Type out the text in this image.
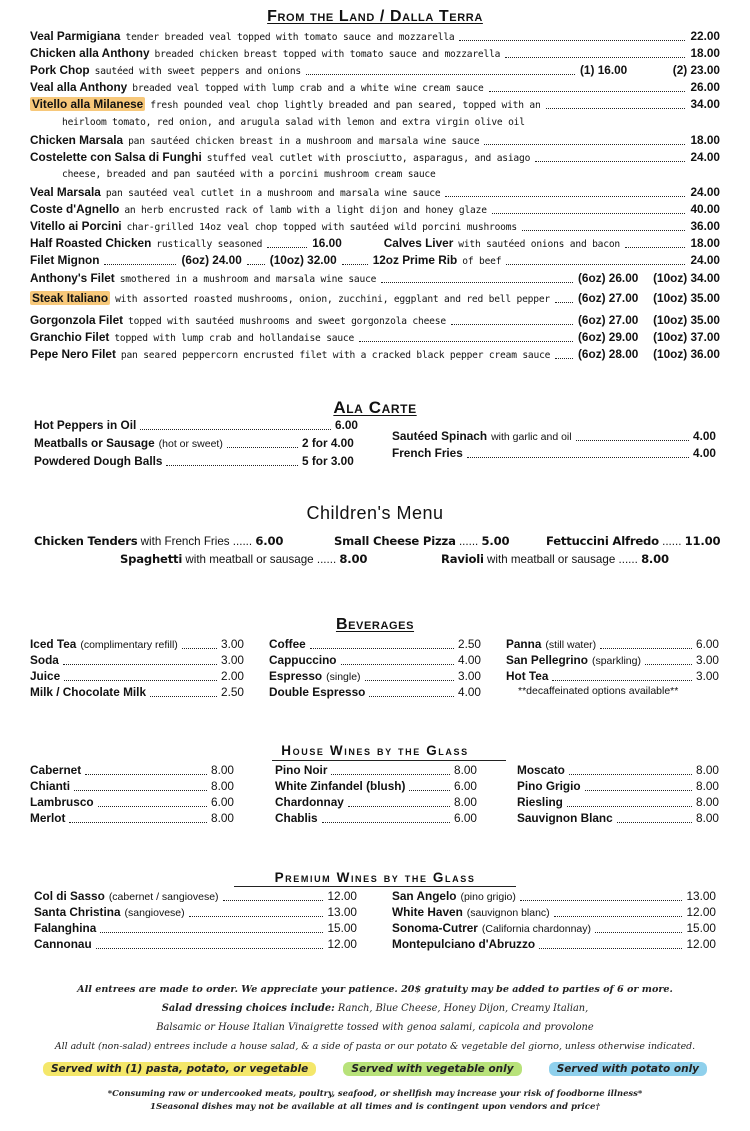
From the Land / Dalla Terra
Veal Parmigiana tender breaded veal topped with tomato sauce and mozzarella	22.00
Chicken alla Anthony breaded chicken breast topped with tomato sauce and mozzarella	18.00
Pork Chop sautéed with sweet peppers and onions	(1) 16.00	(2) 23.00
Veal alla Anthony breaded veal topped with lump crab and a white wine cream sauce	26.00
Vitello alla Milanese fresh pounded veal chop lightly breaded and pan seared, topped with an	34.00
heirloom tomato, red onion, and arugula salad with lemon and extra virgin olive oil
Chicken Marsala pan sautéed chicken breast in a mushroom and marsala wine sauce	18.00
Costelette con Salsa di Funghi stuffed veal cutlet with prosciutto, asparagus, and asiago	24.00
cheese, breaded and pan sautéed with a porcini mushroom cream sauce
Veal Marsala pan sautéed veal cutlet in a mushroom and marsala wine sauce	24.00
Coste d'Agnello an herb encrusted rack of lamb with a light dijon and honey glaze	40.00
Vitello ai Porcini char-grilled 14oz veal chop topped with sautéed wild porcini mushrooms	36.00
Half Roasted Chicken rustically seasoned	16.00	Calves Liver with sautéed onions and bacon	18.00
Filet Mignon	(6oz) 24.00 (10oz) 32.00	12oz Prime Rib of beef	24.00
Anthony's Filet smothered in a mushroom and marsala wine sauce	(6oz) 26.00	(10oz) 34.00
Steak Italiano with assorted roasted mushrooms, onion, zucchini, eggplant and red bell pepper (6oz) 27.00	(10oz) 35.00
Gorgonzola Filet topped with sautéed mushrooms and sweet gorgonzola cheese	(6oz) 27.00	(10oz) 35.00
Granchio Filet topped with lump crab and hollandaise sauce	(6oz) 29.00	(10oz) 37.00
Pepe Nero Filet pan seared peppercorn encrusted filet with a cracked black pepper cream sauce (6oz) 28.00	(10oz) 36.00
Ala Carte
Hot Peppers in Oil	6.00
Meatballs or Sausage (hot or sweet)	2 for 4.00
Powdered Dough Balls	5 for 3.00
Sautéed Spinach with garlic and oil	4.00
French Fries	4.00
Children's Menu
Chicken Tenders with French Fries ...... 6.00	Small Cheese Pizza ...... 5.00	Fettuccini Alfredo ...... 11.00
Spaghetti with meatball or sausage ...... 8.00	Ravioli with meatball or sausage ...... 8.00
Beverages
Iced Tea (complimentary refill)	3.00
Soda	3.00
Juice	2.00
Milk / Chocolate Milk	2.50
Coffee	2.50
Cappuccino	4.00
Espresso (single)	3.00
Double Espresso	4.00
Panna (still water)	6.00
San Pellegrino (sparkling)	3.00
Hot Tea	3.00
**decaffeinated options available**
House Wines by the Glass
Cabernet	8.00
Chianti	8.00
Lambrusco	6.00
Merlot	8.00
Pino Noir	8.00
White Zinfandel (blush)	6.00
Chardonnay	8.00
Chablis	6.00
Moscato	8.00
Pino Grigio	8.00
Riesling	8.00
Sauvignon Blanc	8.00
Premium Wines by the Glass
Col di Sasso (cabernet / sangiovese)	12.00
Santa Christina (sangiovese)	13.00
Falanghina	15.00
Cannonau	12.00
San Angelo (pino grigio)	13.00
White Haven (sauvignon blanc)	12.00
Sonoma-Cutrer (California chardonnay)	15.00
Montepulciano d'Abruzzo	12.00
All entrees are made to order. We appreciate your patience. 20$ gratuity may be added to parties of 6 or more.
Salad dressing choices include: Ranch, Blue Cheese, Honey Dijon, Creamy Italian,
Balsamic or House Italian Vinaigrette tossed with genoa salami, capicola and provolone
All adult (non-salad) entrees include a house salad, & a side of pasta or our potato & vegetable del giorno, unless otherwise indicated.
Served with (1) pasta, potato, or vegetable	Served with vegetable only	Served with potato only
*Consuming raw or undercooked meats, poultry, seafood, or shellfish may increase your risk of foodborne illness*
1Seasonal dishes may not be available at all times and is contingent upon vendors and price†
